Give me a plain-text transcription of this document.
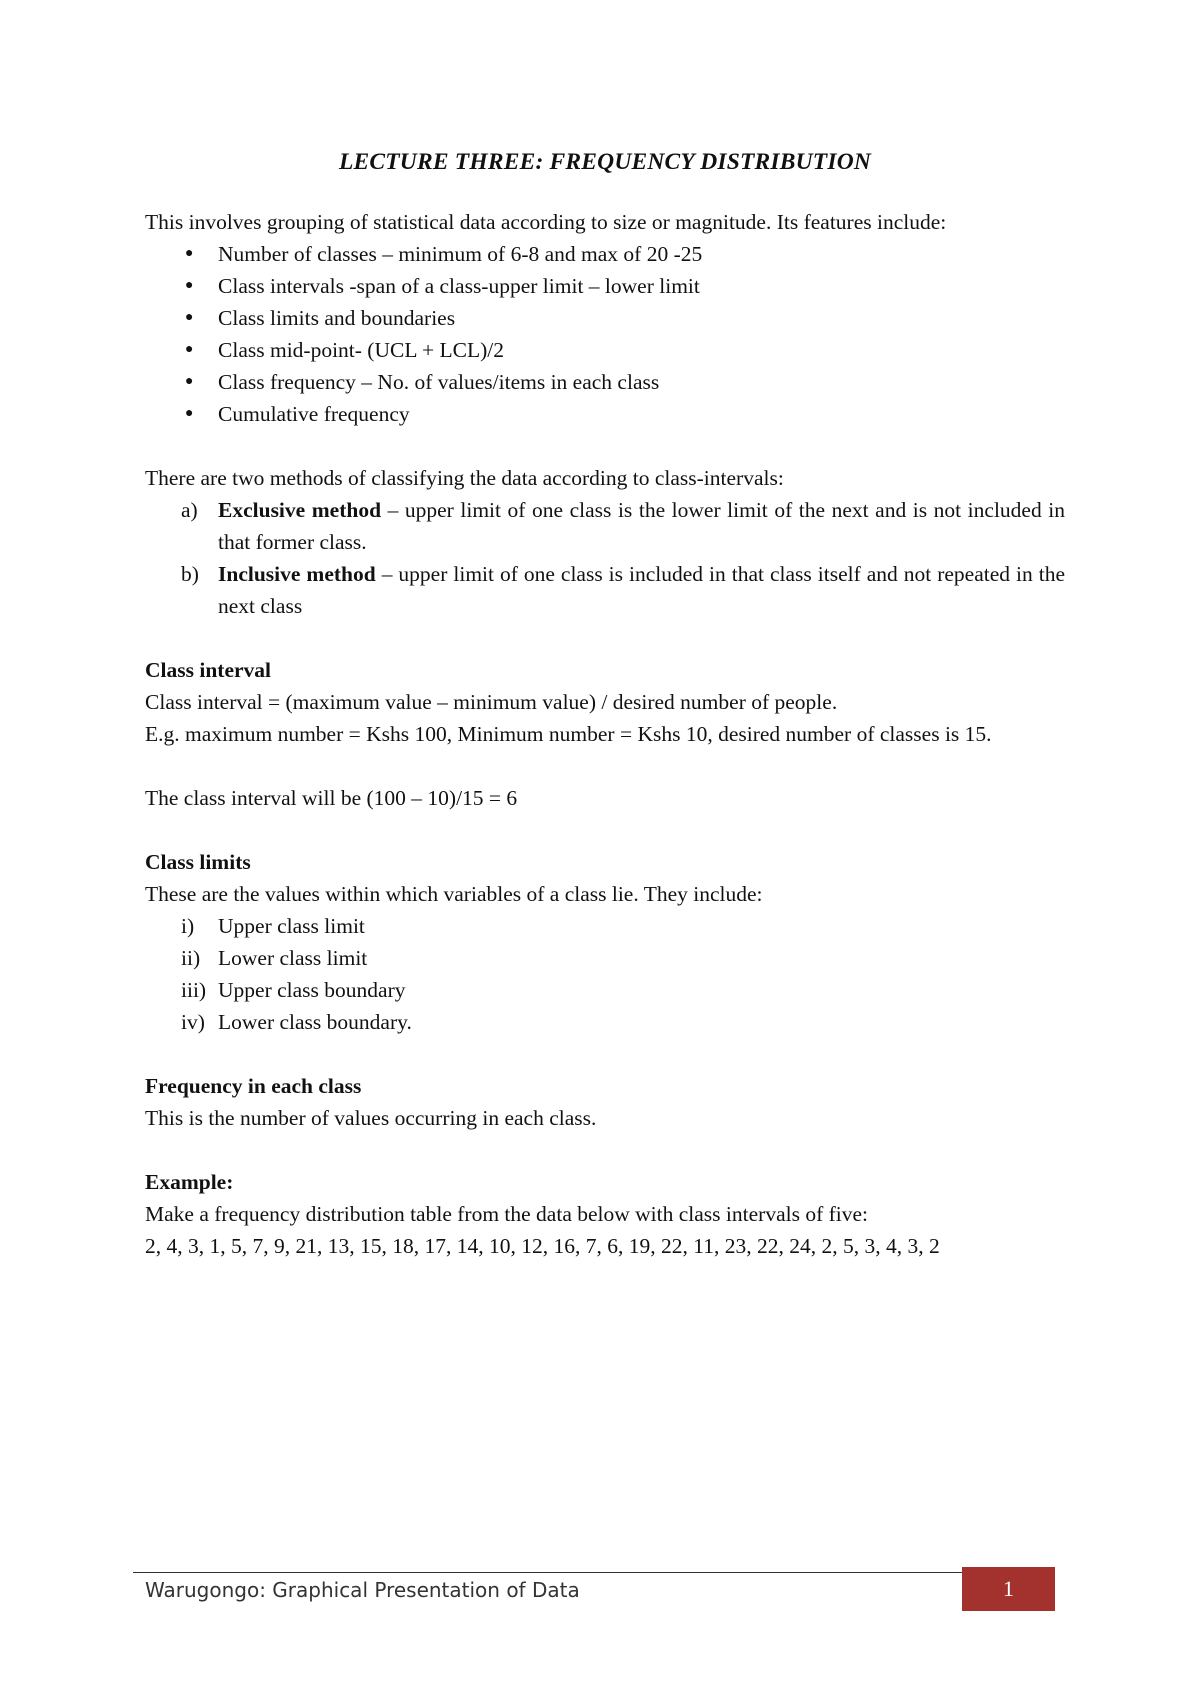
LECTURE THREE: FREQUENCY DISTRIBUTION

This involves grouping of statistical data according to size or magnitude. Its features include:

● Number of classes – minimum of 6-8 and max of 20 -25
● Class intervals -span of a class-upper limit – lower limit
● Class limits and boundaries
● Class mid-point- (UCL + LCL)/2
● Class frequency – No. of values/items in each class
● Cumulative frequency

There are two methods of classifying the data according to class-intervals:

a) Exclusive method – upper limit of one class is the lower limit of the next and is not included in that former class.
b) Inclusive method – upper limit of one class is included in that class itself and not repeated in the next class

Class interval

Class interval = (maximum value – minimum value) / desired number of people.

E.g. maximum number = Kshs 100, Minimum number = Kshs 10, desired number of classes is 15.

The class interval will be (100 – 10)/15 = 6

Class limits

These are the values within which variables of a class lie. They include:

i)	Upper class limit
ii) Lower class limit
iii) Upper class boundary
iv) Lower class boundary.

Frequency in each class

This is the number of values occurring in each class.

Example:

Make a frequency distribution table from the data below with class intervals of five:

2, 4, 3, 1, 5, 7, 9, 21, 13, 15, 18, 17, 14, 10, 12, 16, 7, 6, 19, 22, 11, 23, 22, 24, 2, 5, 3, 4, 3, 2

Warugongo: Graphical Presentation of Data	1
